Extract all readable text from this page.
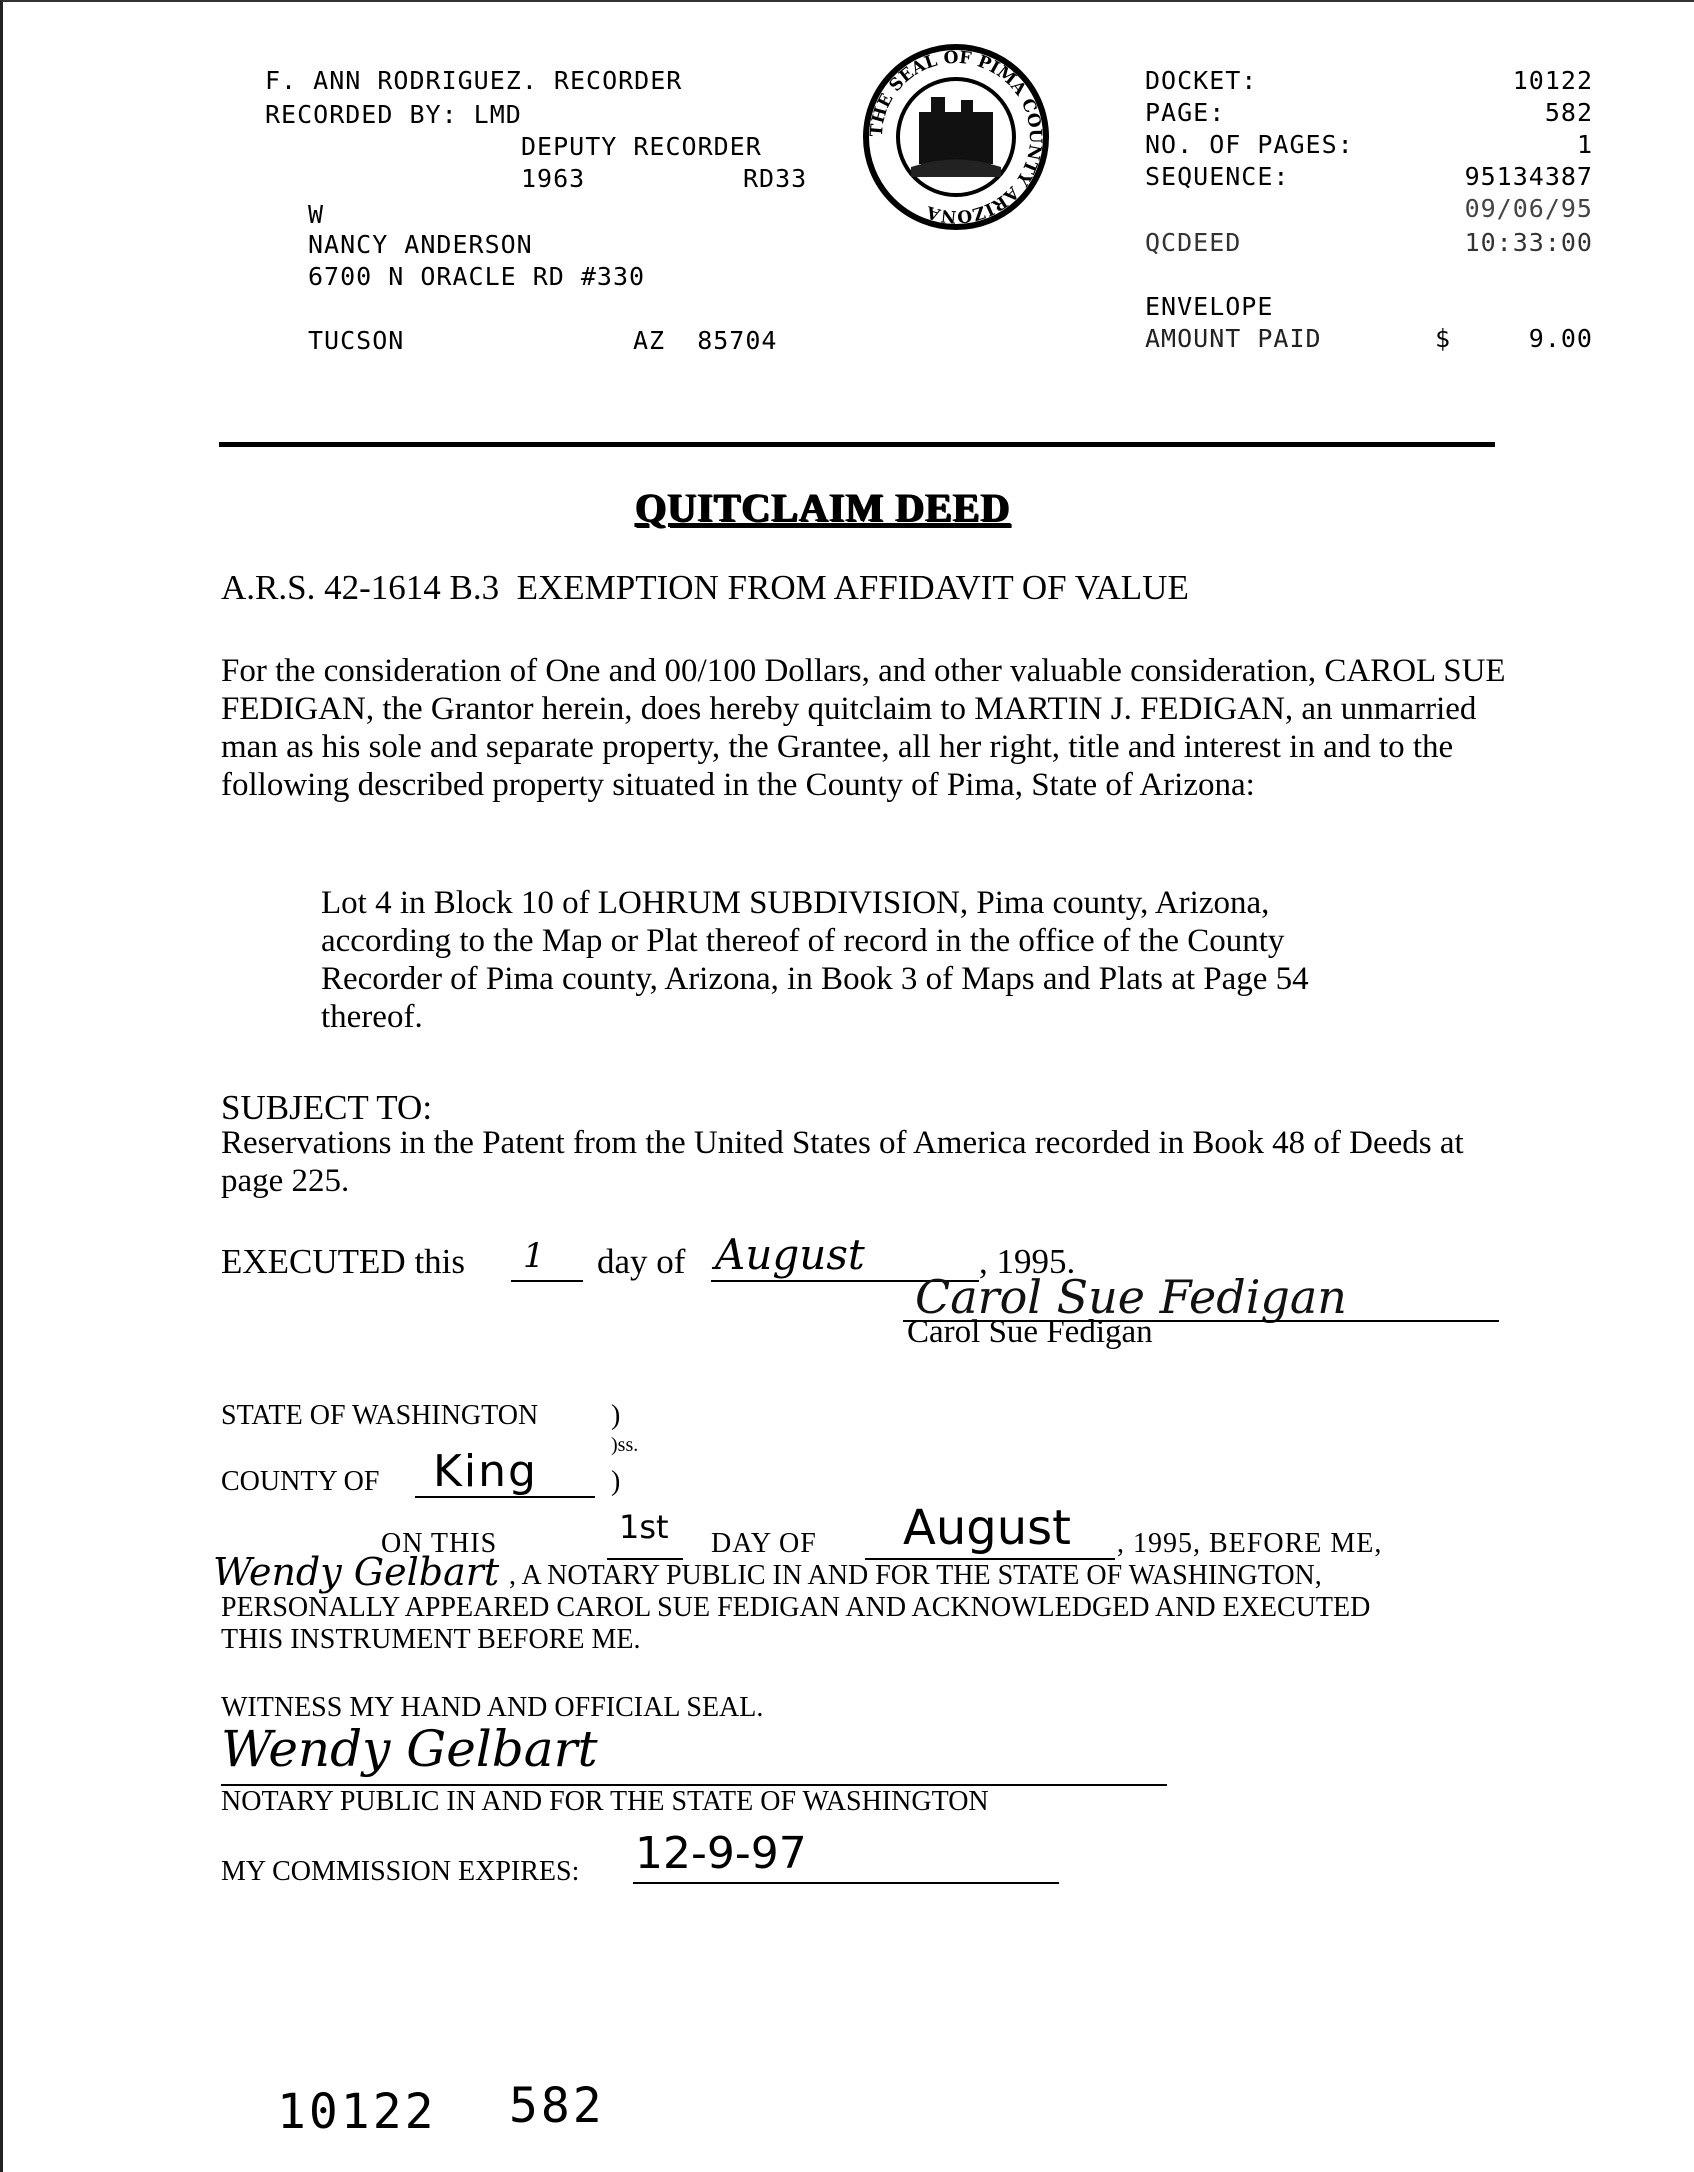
F. ANN RODRIGUEZ. RECORDER
RECORDED BY: LMD
DEPUTY RECORDER
1963	RD33
W
NANCY ANDERSON
6700 N ORACLE RD #330
TUCSON	AZ  85704
THE SEAL OF PIMA COUNTY ARIZONA
DOCKET:	10122
PAGE:	582
NO. OF PAGES:	1
SEQUENCE:	95134387
09/06/95
QCDEED	10:33:00
ENVELOPE
AMOUNT PAID	$	9.00
QUITCLAIM DEED
A.R.S. 42-1614 B.3  EXEMPTION FROM AFFIDAVIT OF VALUE
For the consideration of One and 00/100 Dollars, and other valuable consideration, CAROL SUE FEDIGAN, the Grantor herein, does hereby quitclaim to MARTIN J. FEDIGAN, an unmarried man as his sole and separate property, the Grantee, all her right, title and interest in and to the following described property situated in the County of Pima, State of Arizona:
Lot 4 in Block 10 of LOHRUM SUBDIVISION, Pima county, Arizona, according to the Map or Plat thereof of record in the office of the County Recorder of Pima county, Arizona, in Book 3 of Maps and Plats at Page 54 thereof.
SUBJECT TO:
Reservations in the Patent from the United States of America recorded in Book 48 of Deeds at page 225.
EXECUTED this 1 day of August	, 1995.
Carol Sue Fedigan
Carol Sue Fedigan
STATE OF WASHINGTON	)
)ss.
COUNTY OF King	)
ON THIS	1st DAY OF August , 1995, BEFORE ME,
Wendy Gelbart , A NOTARY PUBLIC IN AND FOR THE STATE OF WASHINGTON,
PERSONALLY APPEARED CAROL SUE FEDIGAN AND ACKNOWLEDGED AND EXECUTED
THIS INSTRUMENT BEFORE ME.
WITNESS MY HAND AND OFFICIAL SEAL.
Wendy Gelbart
NOTARY PUBLIC IN AND FOR THE STATE OF WASHINGTON
MY COMMISSION EXPIRES: 12-9-97
10122 582
